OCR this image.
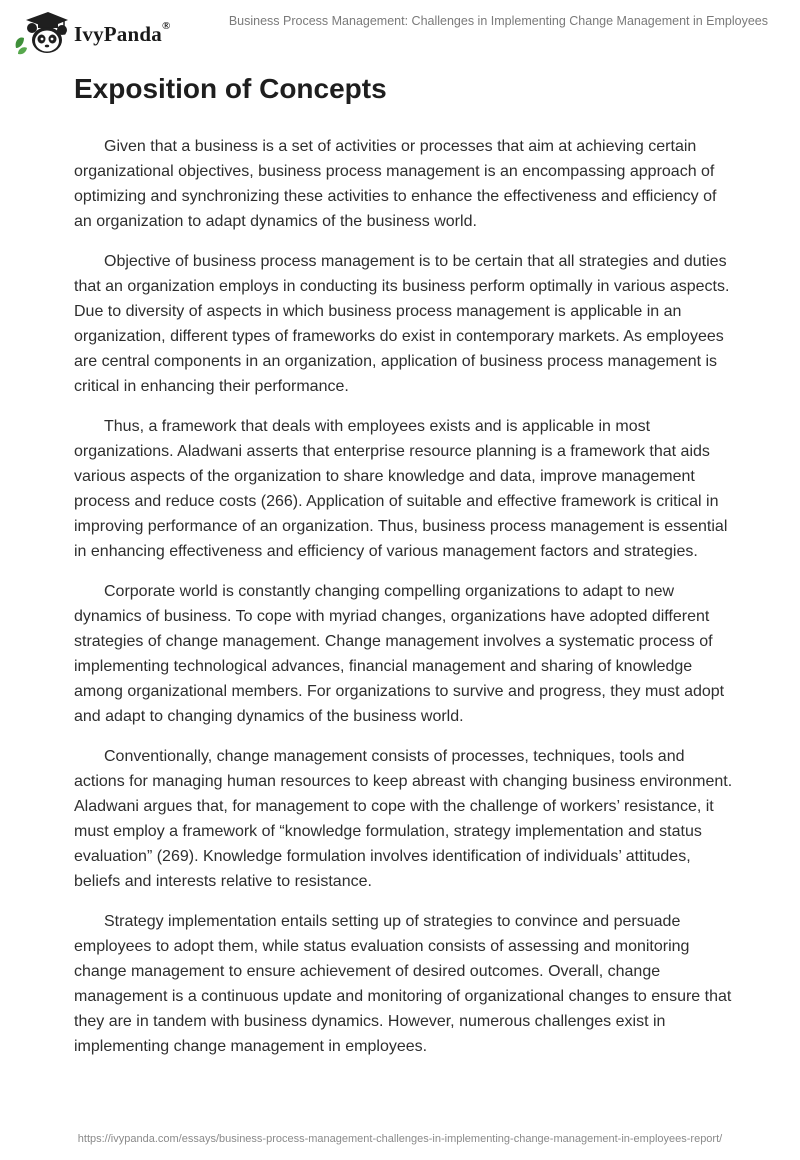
IvyPanda®	Business Process Management: Challenges in Implementing Change Management in Employees
Exposition of Concepts

Given that a business is a set of activities or processes that aim at achieving certain organizational objectives, business process management is an encompassing approach of optimizing and synchronizing these activities to enhance the effectiveness and efficiency of an organization to adapt dynamics of the business world.

Objective of business process management is to be certain that all strategies and duties that an organization employs in conducting its business perform optimally in various aspects. Due to diversity of aspects in which business process management is applicable in an organization, different types of frameworks do exist in contemporary markets. As employees are central components in an organization, application of business process management is critical in enhancing their performance.

Thus, a framework that deals with employees exists and is applicable in most organizations. Aladwani asserts that enterprise resource planning is a framework that aids various aspects of the organization to share knowledge and data, improve management process and reduce costs (266). Application of suitable and effective framework is critical in improving performance of an organization. Thus, business process management is essential in enhancing effectiveness and efficiency of various management factors and strategies.

Corporate world is constantly changing compelling organizations to adapt to new dynamics of business. To cope with myriad changes, organizations have adopted different strategies of change management. Change management involves a systematic process of implementing technological advances, financial management and sharing of knowledge among organizational members. For organizations to survive and progress, they must adopt and adapt to changing dynamics of the business world.

Conventionally, change management consists of processes, techniques, tools and actions for managing human resources to keep abreast with changing business environment. Aladwani argues that, for management to cope with the challenge of workers’ resistance, it must employ a framework of “knowledge formulation, strategy implementation and status evaluation” (269). Knowledge formulation involves identification of individuals’ attitudes, beliefs and interests relative to resistance.

Strategy implementation entails setting up of strategies to convince and persuade employees to adopt them, while status evaluation consists of assessing and monitoring change management to ensure achievement of desired outcomes. Overall, change management is a continuous update and monitoring of organizational changes to ensure that they are in tandem with business dynamics. However, numerous challenges exist in implementing change management in employees.

https://ivypanda.com/essays/business-process-management-challenges-in-implementing-change-management-in-employees-report/
